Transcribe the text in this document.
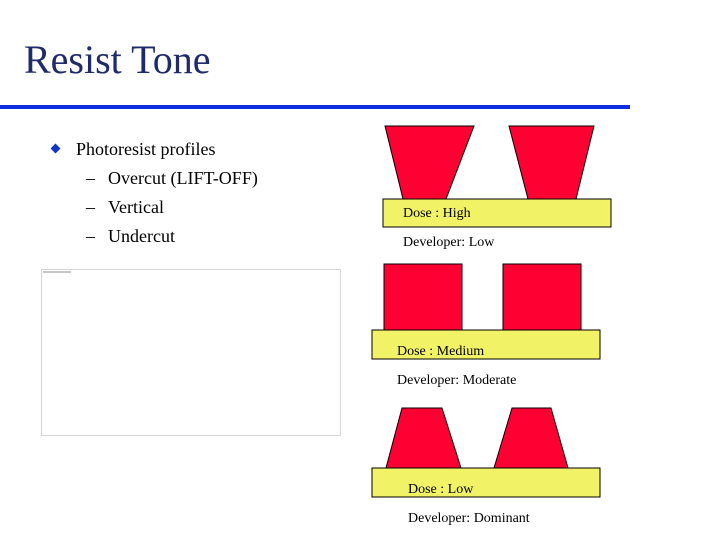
Resist Tone
Photoresist profiles
– Overcut (LIFT-OFF)
– Vertical
– Undercut
Dose : High
Developer: Low
Dose : Medium
Developer: Moderate
Dose : Low
Developer: Dominant
